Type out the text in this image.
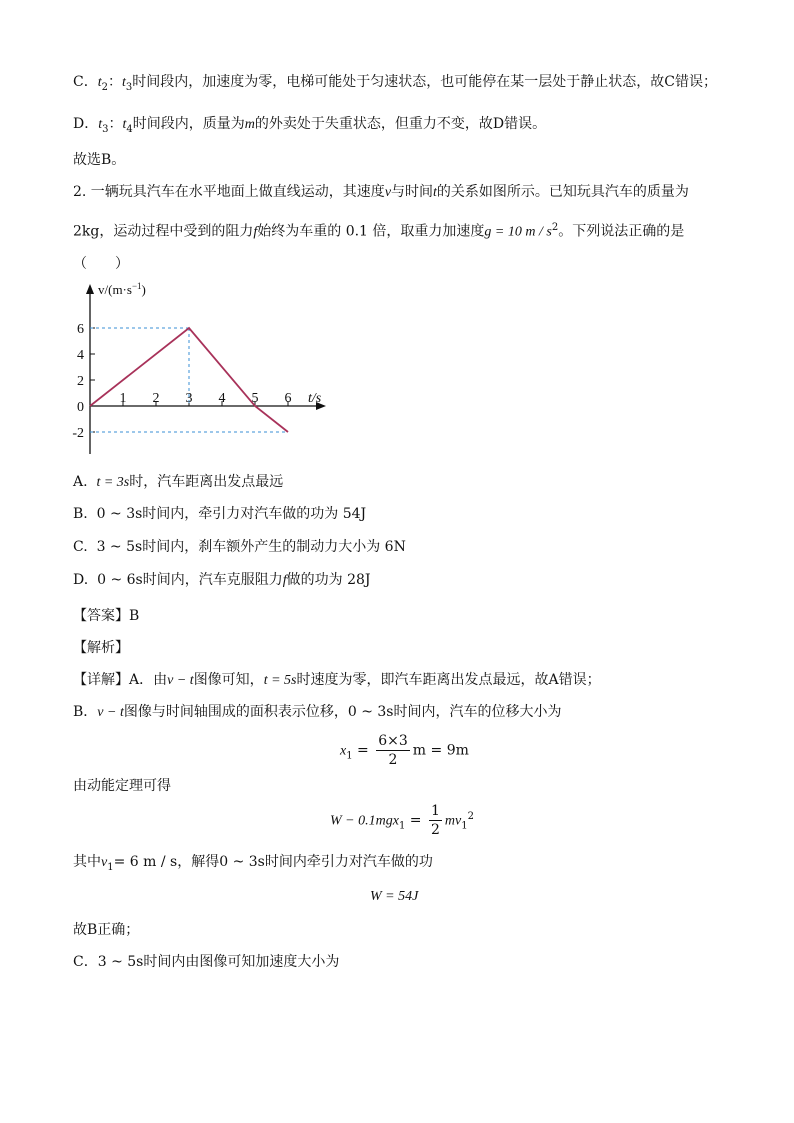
C．$t_2$：$t_3$时间段内，加速度为零，电梯可能处于匀速状态，也可能停在某一层处于静止状态，故C错误；
D．$t_3$：$t_4$时间段内，质量为m的外卖处于失重状态，但重力不变，故D错误。
故选B。
2. 一辆玩具汽车在水平地面上做直线运动，其速度v与时间t的关系如图所示。已知玩具汽车的质量为
2kg，运动过程中受到的阻力f始终为车重的 0.1 倍，取重力加速度g = 10 m / $s^2$。下列说法正确的是
（　　）
$v/(m\cdot s^{-1})$
6
4
2
-2
0
1 2 3 4 5 6 t/s
A. t = 3s时，汽车距离出发点最远
B. 0 ~ 3s时间内，牵引力对汽车做的功为 54J
C. 3 ~ 5s时间内，刹车额外产生的制动力大小为 6N
D. 0 ~ 6s时间内，汽车克服阻力f做的功为 28J
【答案】B
【解析】
【详解】A．由v − t图像可知，t = 5s时速度为零，即汽车距离出发点最远，故A错误；
B．v − t图像与时间轴围成的面积表示位移，0 ~ 3s时间内，汽车的位移大小为
$x_1 = \frac{6\times 3}{2}$ m = 9m
由动能定理可得
$W - 0.1mgx_1 = \frac{1}{2} mv_1^2$
其中$v_1= 6$ m / s，解得0 ~ 3s时间内牵引力对汽车做的功
W = 54J
故B正确；
C．3 ~ 5s时间内由图像可知加速度大小为
